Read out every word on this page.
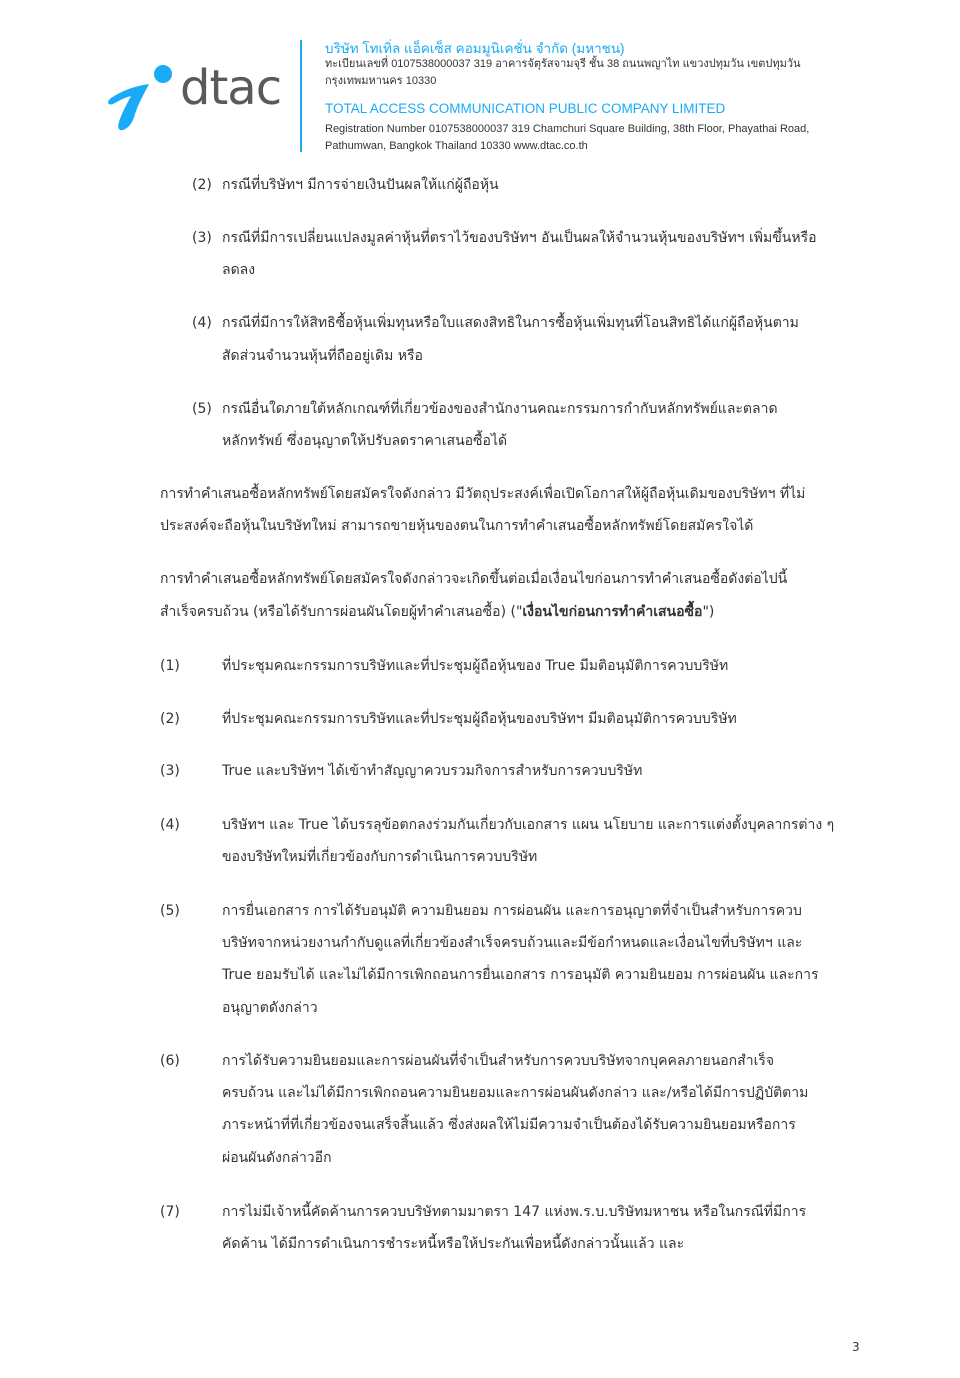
dtac
บริษัท โทเทิ่ล แอ็คเซ็ส คอมมูนิเคชั่น จำกัด (มหาชน)
ทะเบียนเลขที่ 0107538000037 319 อาคารจัตุรัสจามจุรี ชั้น 38 ถนนพญาไท แขวงปทุมวัน เขตปทุมวัน กรุงเทพมหานคร 10330
TOTAL ACCESS COMMUNICATION PUBLIC COMPANY LIMITED
Registration Number 0107538000037 319 Chamchuri Square Building, 38th Floor, Phayathai Road,
Pathumwan, Bangkok Thailand 10330 www.dtac.co.th
(2) กรณีที่บริษัทฯ มีการจ่ายเงินปันผลให้แก่ผู้ถือหุ้น
(3) กรณีที่มีการเปลี่ยนแปลงมูลค่าหุ้นที่ตราไว้ของบริษัทฯ อันเป็นผลให้จำนวนหุ้นของบริษัทฯ เพิ่มขึ้นหรือ
ลดลง
(4) กรณีที่มีการให้สิทธิซื้อหุ้นเพิ่มทุนหรือใบแสดงสิทธิในการซื้อหุ้นเพิ่มทุนที่โอนสิทธิได้แก่ผู้ถือหุ้นตาม
สัดส่วนจำนวนหุ้นที่ถืออยู่เดิม หรือ
(5) กรณีอื่นใดภายใต้หลักเกณฑ์ที่เกี่ยวข้องของสำนักงานคณะกรรมการกำกับหลักทรัพย์และตลาด
หลักทรัพย์ ซึ่งอนุญาตให้ปรับลดราคาเสนอซื้อได้
การทำคำเสนอซื้อหลักทรัพย์โดยสมัครใจดังกล่าว มีวัตถุประสงค์เพื่อเปิดโอกาสให้ผู้ถือหุ้นเดิมของบริษัทฯ ที่ไม่
ประสงค์จะถือหุ้นในบริษัทใหม่ สามารถขายหุ้นของตนในการทำคำเสนอซื้อหลักทรัพย์โดยสมัครใจได้
การทำคำเสนอซื้อหลักทรัพย์โดยสมัครใจดังกล่าวจะเกิดขึ้นต่อเมื่อเงื่อนไขก่อนการทำคำเสนอซื้อดังต่อไปนี้
สำเร็จครบถ้วน (หรือได้รับการผ่อนผันโดยผู้ทำคำเสนอซื้อ) ("เงื่อนไขก่อนการทำคำเสนอซื้อ")
(1)	ที่ประชุมคณะกรรมการบริษัทและที่ประชุมผู้ถือหุ้นของ True มีมติอนุมัติการควบบริษัท
(2)	ที่ประชุมคณะกรรมการบริษัทและที่ประชุมผู้ถือหุ้นของบริษัทฯ มีมติอนุมัติการควบบริษัท
(3)	True และบริษัทฯ ได้เข้าทำสัญญาควบรวมกิจการสำหรับการควบบริษัท
(4)	บริษัทฯ และ True ได้บรรลุข้อตกลงร่วมกันเกี่ยวกับเอกสาร แผน นโยบาย และการแต่งตั้งบุคลากรต่าง ๆ
ของบริษัทใหม่ที่เกี่ยวข้องกับการดำเนินการควบบริษัท
(5)	การยื่นเอกสาร การได้รับอนุมัติ ความยินยอม การผ่อนผัน และการอนุญาตที่จำเป็นสำหรับการควบ
บริษัทจากหน่วยงานกำกับดูแลที่เกี่ยวข้องสำเร็จครบถ้วนและมีข้อกำหนดและเงื่อนไขที่บริษัทฯ และ
True ยอมรับได้ และไม่ได้มีการเพิกถอนการยื่นเอกสาร การอนุมัติ ความยินยอม การผ่อนผัน และการ
อนุญาตดังกล่าว
(6)	การได้รับความยินยอมและการผ่อนผันที่จำเป็นสำหรับการควบบริษัทจากบุคคลภายนอกสำเร็จ
ครบถ้วน และไม่ได้มีการเพิกถอนความยินยอมและการผ่อนผันดังกล่าว และ/หรือได้มีการปฏิบัติตาม
ภาระหน้าที่ที่เกี่ยวข้องจนเสร็จสิ้นแล้ว ซึ่งส่งผลให้ไม่มีความจำเป็นต้องได้รับความยินยอมหรือการ
ผ่อนผันดังกล่าวอีก
(7)	การไม่มีเจ้าหนี้คัดค้านการควบบริษัทตามมาตรา 147 แห่งพ.ร.บ.บริษัทมหาชน หรือในกรณีที่มีการ
คัดค้าน ได้มีการดำเนินการชำระหนี้หรือให้ประกันเพื่อหนี้ดังกล่าวนั้นแล้ว และ
3
